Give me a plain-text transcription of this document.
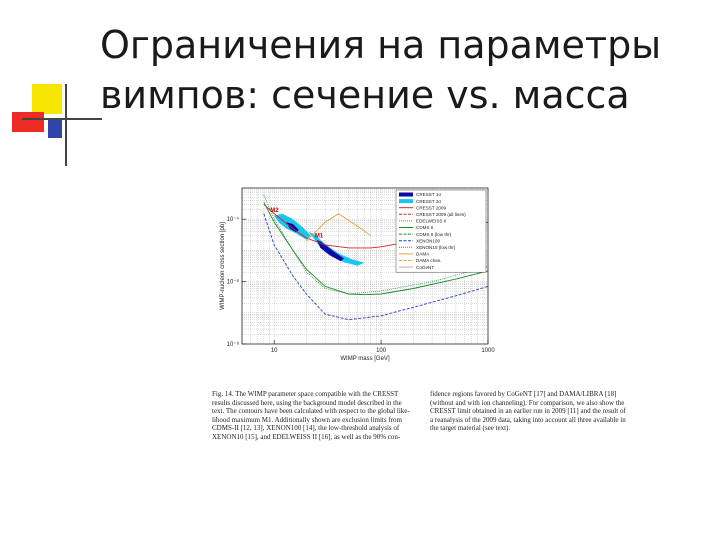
Ограничения на параметры
вимпов: сечение vs. масса
10	100	1000
10⁻⁴
10⁻⁶
10⁻⁸
WIMP mass [GeV]
WIMP-nucleon cross section [pb]
CRESST 1σ
CRESST 2σ
CRESST 2009
CRESST 2009 (all lines)
EDELWEISS II
CDMS II
CDMS II (low thr)
XENON100
XENON10 (low thr)
DAMA
DAMA chan.
CoGeNT
M2
M1
Fig. 14. The WIMP parameter space compatible with the CRESST results discussed here, using the background model described in the text. The contours have been calculated with respect to the global like-lihood maximum M1. Additionally shown are exclusion limits from CDMS-II [12, 13], XENON100 [14], the low-threshold analysis of XENON10 [15], and EDELWEISS II [16], as well as the 90% con-
fidence regions favored by CoGeNT [17] and DAMA/LIBRA [18] (without and with ion channeling). For comparison, we also show the CRESST limit obtained in an earlier run in 2009 [11] and the result of a reanalysis of the 2009 data, taking into account all three available in the target material (see text).
